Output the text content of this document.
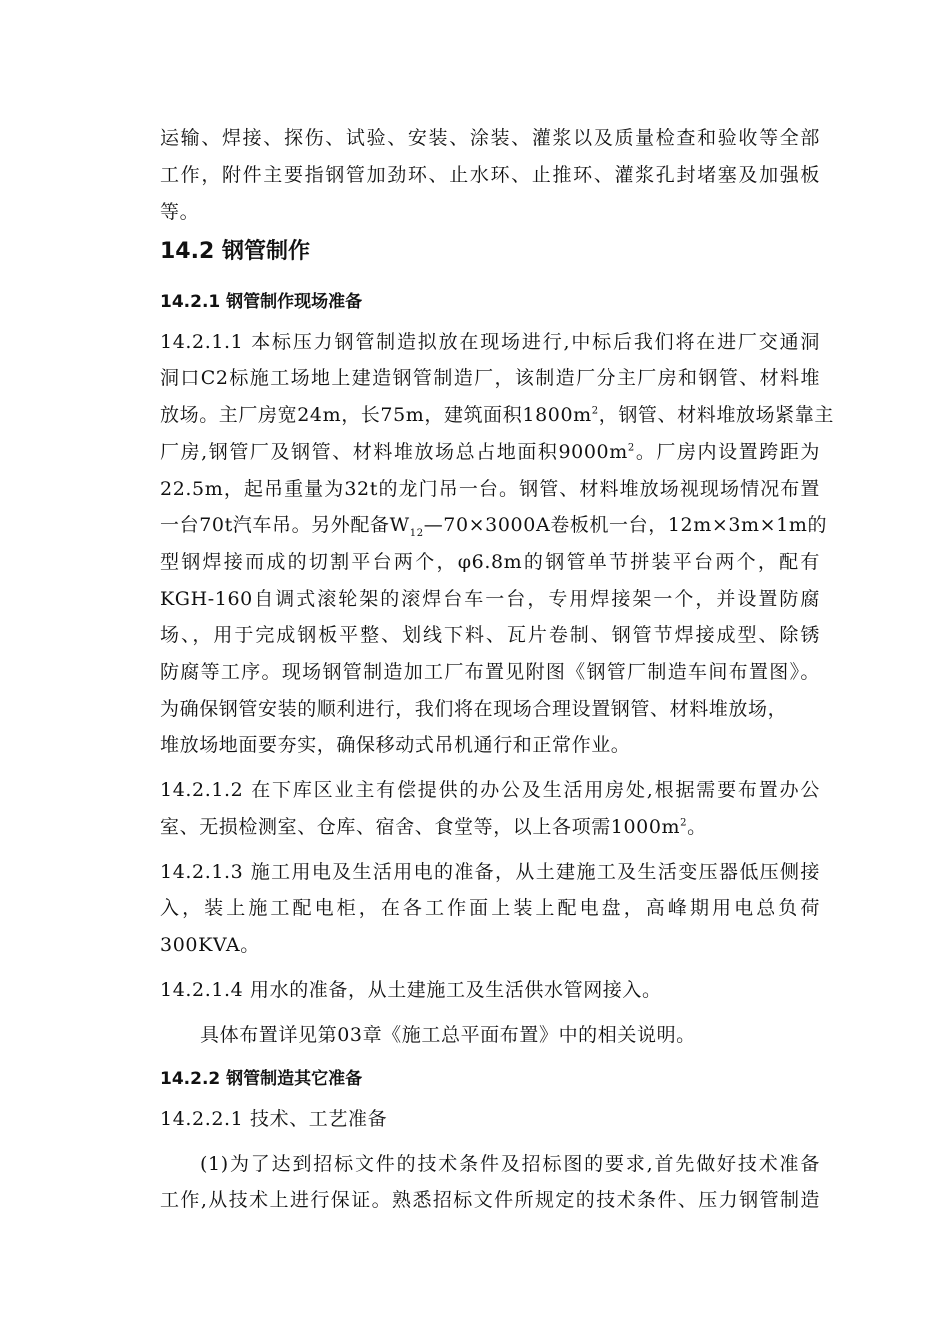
运输、焊接、探伤、试验、安装、涂装、灌浆以及质量检查和验收等全部
工作，附件主要指钢管加劲环、止水环、止推环、灌浆孔封堵塞及加强板
等。
14.2 钢管制作
14.2.1 钢管制作现场准备
14.2.1.1 本标压力钢管制造拟放在现场进行,中标后我们将在进厂交通洞
洞口C2标施工场地上建造钢管制造厂，该制造厂分主厂房和钢管、材料堆
放场。主厂房宽24m，长75m，建筑面积$1800m^2$，钢管、材料堆放场紧靠主
厂房,钢管厂及钢管、材料堆放场总占地面积$9000m^2$。厂房内设置跨距为
22.5m，起吊重量为32t的龙门吊一台。钢管、材料堆放场视现场情况布置
一台70t汽车吊。另外配备$W_{12}—70\times 3000A$卷板机一台，12m×3m×1m的
型钢焊接而成的切割平台两个，φ6.8m的钢管单节拼装平台两个，配有
KGH-160自调式滚轮架的滚焊台车一台，专用焊接架一个，并设置防腐
场、，用于完成钢板平整、划线下料、瓦片卷制、钢管节焊接成型、除锈
防腐等工序。现场钢管制造加工厂布置见附图《钢管厂制造车间布置图》。
为确保钢管安装的顺利进行，我们将在现场合理设置钢管、材料堆放场，
堆放场地面要夯实，确保移动式吊机通行和正常作业。
14.2.1.2 在下库区业主有偿提供的办公及生活用房处,根据需要布置办公
室、无损检测室、仓库、宿舍、食堂等，以上各项需$1000m^2$。
14.2.1.3 施工用电及生活用电的准备，从土建施工及生活变压器低压侧接
入，装上施工配电柜，在各工作面上装上配电盘，高峰期用电总负荷
300KVA。
14.2.1.4 用水的准备，从土建施工及生活供水管网接入。
具体布置详见第03章《施工总平面布置》中的相关说明。
14.2.2 钢管制造其它准备
14.2.2.1 技术、工艺准备
(1)为了达到招标文件的技术条件及招标图的要求,首先做好技术准备
工作,从技术上进行保证。熟悉招标文件所规定的技术条件、压力钢管制造
